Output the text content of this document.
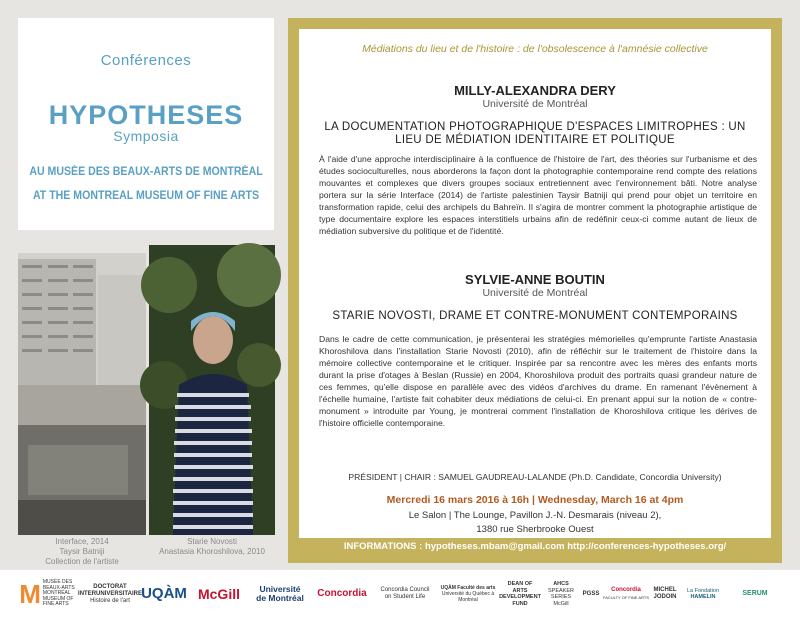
Conférences
HYPOTHESES
Symposia
AU MUSÉE DES BEAUX-ARTS DE MONTRÉAL
AT THE MONTREAL MUSEUM OF FINE ARTS
Interface, 2014
Taysir Batniji
Collection de l'artiste
Starie Novosti
Anastasia Khoroshilova, 2010
Médiations du lieu et de l'histoire : de l'obsolescence à l'amnésie collective
MILLY-ALEXANDRA DERY
Université de Montréal
LA DOCUMENTATION PHOTOGRAPHIQUE D'ESPACES LIMITROPHES : UN LIEU DE MÉDIATION IDENTITAIRE ET POLITIQUE
À l'aide d'une approche interdisciplinaire à la confluence de l'histoire de l'art, des théories sur l'urbanisme et des études socioculturelles, nous aborderons la façon dont la photographie contemporaine rend compte des relations mouvantes et complexes que divers groupes sociaux entretiennent avec l'environnement bâti. Notre analyse portera sur la série Interface (2014) de l'artiste palestinien Taysir Batniji qui prend pour objet un territoire en transformation rapide, celui des archipels du Bahreïn. Il s'agira de montrer comment la photographie artistique de type documentaire explore les espaces interstitiels urbains afin de redéfinir ceux-ci comme autant de lieux de médiation subversive du politique et de l'identité.
SYLVIE-ANNE BOUTIN
Université de Montréal
STARIE NOVOSTI, DRAME ET CONTRE-MONUMENT CONTEMPORAINS
Dans le cadre de cette communication, je présenterai les stratégies mémorielles qu'emprunte l'artiste Anastasia Khoroshilova dans l'installation Starie Novosti (2010), afin de réfléchir sur le traitement de l'histoire dans la mémoire collective contemporaine et le critiquer. Inspirée par sa rencontre avec les mères des enfants morts durant la prise d'otages à Beslan (Russie) en 2004, Khoroshilova produit des portraits quasi grandeur nature de ces femmes, qu'elle dispose en parallèle avec des vidéos d'archives du drame. En ramenant l'évènement à l'échelle humaine, l'artiste fait cohabiter deux médiations de celui-ci. En prenant appui sur la notion de « contre-monument » introduite par Young, je montrerai comment l'installation de Khoroshilova critique les dérives de l'histoire officielle contemporaine.
PRÉSIDENT | CHAIR : SAMUEL GAUDREAU-LALANDE (Ph.D. Candidate, Concordia University)
Mercredi 16 mars 2016 à 16h | Wednesday, March 16 at 4pm
Le Salon | The Lounge, Pavillon J.-N. Desmarais (niveau 2),
1380 rue Sherbrooke Ouest
INFORMATIONS : hypotheses.mbam@gmail.com http://conferences-hypotheses.org/
M MUSÉE DES
BEAUX-ARTS
MONTRÉAL
MUSEUM OF
FINE ARTS
DOCTORAT
INTERUNIVERSITAIRE
Histoire de l'art UQÀM McGill	Université
de Montréal	Concordia	Concordia Council
on Student Life
UQÀM Faculté des arts
Université du Québec à Montréal
DEAN OF
ARTS
DEVELOPMENT
FUND
AHCS
SPEAKER SERIES
McGill
PGSS
Concordia
FACULTY OF FINE ARTS
MICHEL
JODOIN
La Fondation
HAMELIN	SERUM
